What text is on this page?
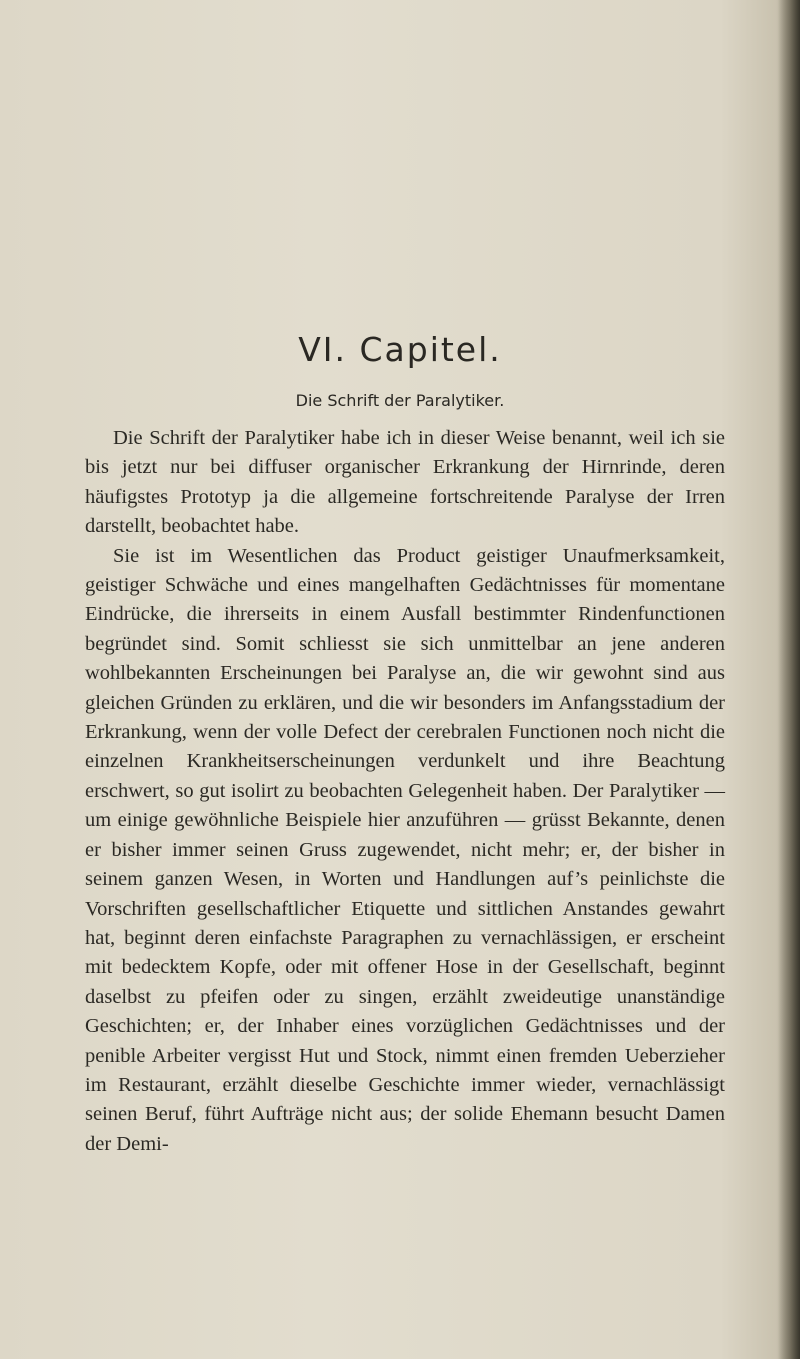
VI. Capitel.
Die Schrift der Paralytiker.

Die Schrift der Paralytiker habe ich in dieser Weise benannt, weil ich sie bis jetzt nur bei diffuser organischer Erkrankung der Hirnrinde, deren häufigstes Prototyp ja die allgemeine fortschreitende Paralyse der Irren darstellt, beobachtet habe.

Sie ist im Wesentlichen das Product geistiger Unaufmerksamkeit, geistiger Schwäche und eines mangelhaften Gedächtnisses für momentane Eindrücke, die ihrerseits in einem Ausfall bestimmter Rindenfunctionen begründet sind. Somit schliesst sie sich unmittelbar an jene anderen wohlbekannten Erscheinungen bei Paralyse an, die wir gewohnt sind aus gleichen Gründen zu erklären, und die wir besonders im Anfangsstadium der Erkrankung, wenn der volle Defect der cerebralen Functionen noch nicht die einzelnen Krankheitserscheinungen verdunkelt und ihre Beachtung erschwert, so gut isolirt zu beobachten Gelegenheit haben. Der Paralytiker — um einige gewöhnliche Beispiele hier anzuführen — grüsst Bekannte, denen er bisher immer seinen Gruss zugewendet, nicht mehr; er, der bisher in seinem ganzen Wesen, in Worten und Handlungen auf’s peinlichste die Vorschriften gesellschaftlicher Etiquette und sittlichen Anstandes gewahrt hat, beginnt deren einfachste Paragraphen zu vernachlässigen, er erscheint mit bedecktem Kopfe, oder mit offener Hose in der Gesellschaft, beginnt daselbst zu pfeifen oder zu singen, erzählt zweideutige unanständige Geschichten; er, der Inhaber eines vorzüglichen Gedächtnisses und der penible Arbeiter vergisst Hut und Stock, nimmt einen fremden Ueberzieher im Restaurant, erzählt dieselbe Geschichte immer wieder, vernachlässigt seinen Beruf, führt Aufträge nicht aus; der solide Ehemann besucht Damen der Demi-
